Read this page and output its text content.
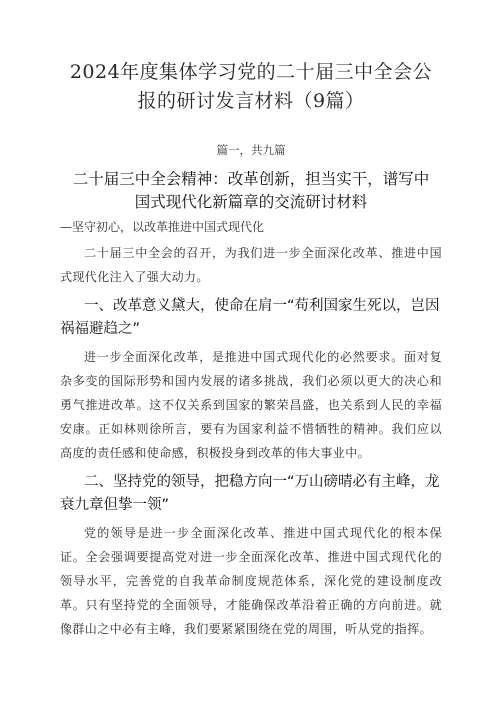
2024年度集体学习党的二十届三中全会公
报的研讨发言材料（9篇）
篇一，共九篇
二十届三中全会精神：改革创新，担当实干，谱写中
国式现代化新篇章的交流研讨材料
—坚守初心，以改革推进中国式现代化

二十届三中全会的召开，为我们进一步全面深化改革、推进中国式现代化注入了强大动力。

一、改革意义黛大，使命在肩一“苟利国家生死以，岂因祸福避趋之”

进一步全面深化改革，是推进中国式现代化的必然要求。面对复杂多变的国际形势和国内发展的诸多挑战，我们必须以更大的决心和勇气推进改革。这不仅关系到国家的繁荣昌盛，也关系到人民的幸福安康。正如林则徐所言，要有为国家利益不惜牺牲的精神。我们应以高度的责任感和使命感，积极投身到改革的伟大事业中。

二、坚持党的领导，把稳方向一“万山磅晴必有主峰，龙衰九章但挚一领”

党的领导是进一步全面深化改革、推进中国式现代化的根本保证。全会强调要提高党对进一步全面深化改革、推进中国式现代化的领导水平，完善党的自我革命制度规范体系，深化党的建设制度改革。只有坚持党的全面领导，才能确保改革沿着正确的方向前进。就像群山之中必有主峰，我们要紧紧围绕在党的周围，听从党的指挥。
